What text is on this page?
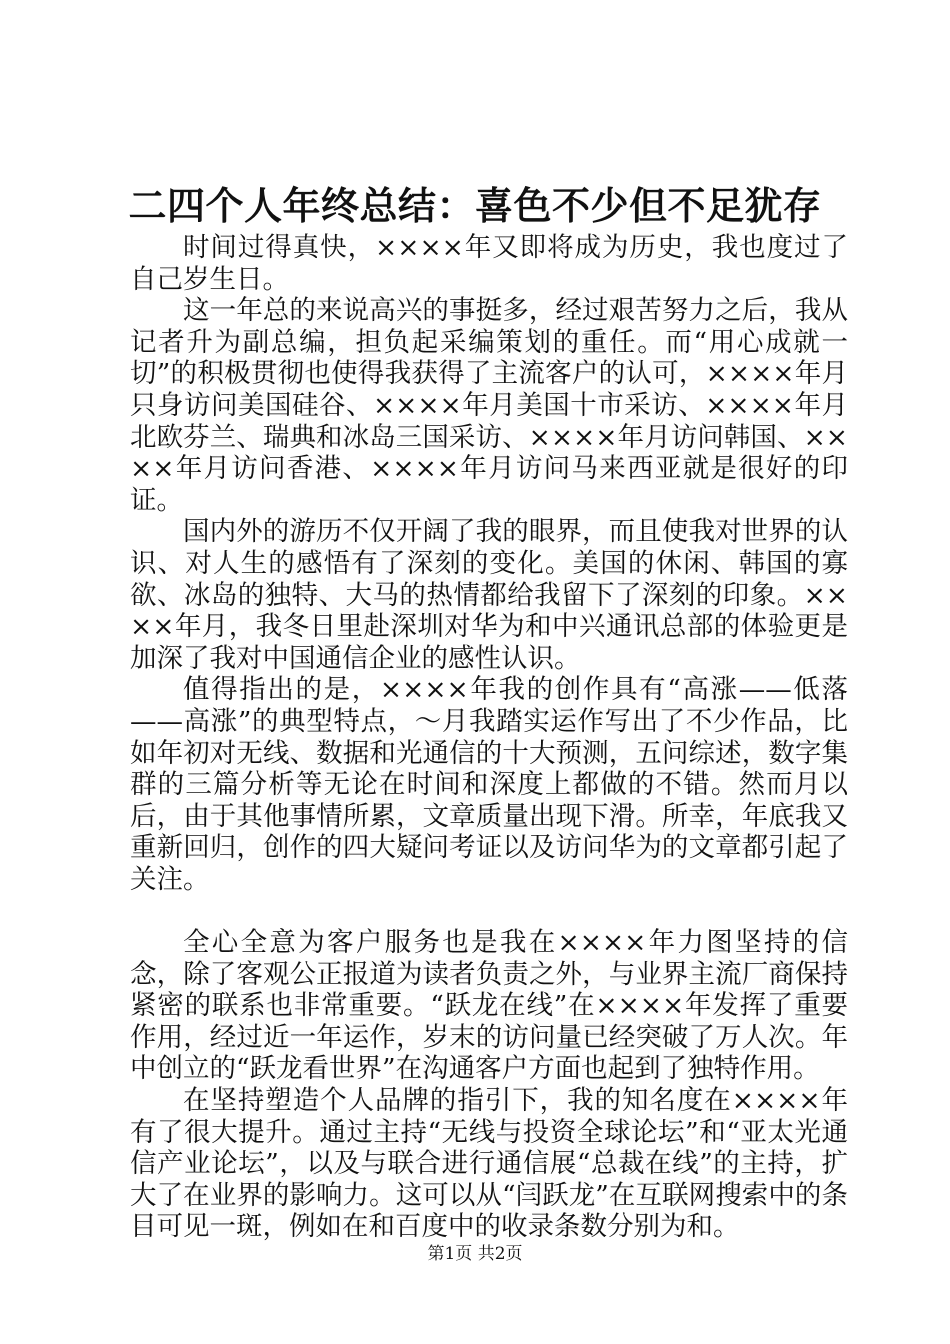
二四个人年终总结：喜色不少但不足犹存

时间过得真快，××××年又即将成为历史，我也度过了自己岁生日。

这一年总的来说高兴的事挺多，经过艰苦努力之后，我从记者升为副总编，担负起采编策划的重任。而“用心成就一切”的积极贯彻也使得我获得了主流客户的认可，××××年月只身访问美国硅谷、××××年月美国十市采访、××××年月北欧芬兰、瑞典和冰岛三国采访、××××年月访问韩国、××××年月访问香港、××××年月访问马来西亚就是很好的印证。

国内外的游历不仅开阔了我的眼界，而且使我对世界的认识、对人生的感悟有了深刻的变化。美国的休闲、韩国的寡欲、冰岛的独特、大马的热情都给我留下了深刻的印象。××××年月，我冬日里赴深圳对华为和中兴通讯总部的体验更是加深了我对中国通信企业的感性认识。

值得指出的是，××××年我的创作具有“高涨——低落——高涨”的典型特点，～月我踏实运作写出了不少作品，比如年初对无线、数据和光通信的十大预测，五问综述，数字集群的三篇分析等无论在时间和深度上都做的不错。然而月以后，由于其他事情所累，文章质量出现下滑。所幸，年底我又重新回归，创作的四大疑问考证以及访问华为的文章都引起了关注。

全心全意为客户服务也是我在××××年力图坚持的信念，除了客观公正报道为读者负责之外，与业界主流厂商保持紧密的联系也非常重要。“跃龙在线”在××××年发挥了重要作用，经过近一年运作，岁末的访问量已经突破了万人次。年中创立的“跃龙看世界”在沟通客户方面也起到了独特作用。

在坚持塑造个人品牌的指引下，我的知名度在××××年有了很大提升。通过主持“无线与投资全球论坛”和“亚太光通信产业论坛”，以及与联合进行通信展“总裁在线”的主持，扩大了在业界的影响力。这可以从“闫跃龙”在互联网搜索中的条目可见一斑，例如在和百度中的收录条数分别为和。

第1页 共2页
